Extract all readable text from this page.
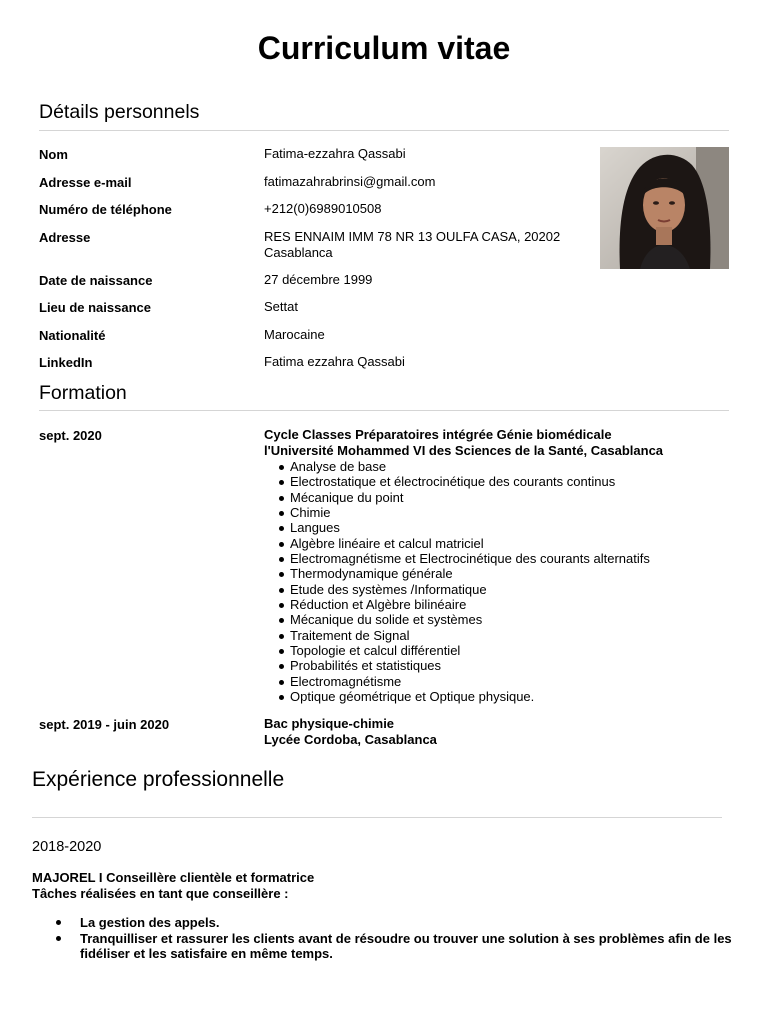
Curriculum vitae
Détails personnels
Nom	Fatima-ezzahra Qassabi
Adresse e-mail	fatimazahrabrinsi@gmail.com
Numéro de téléphone	+212(0)6989010508
Adresse	RES ENNAIM IMM 78 NR 13 OULFA CASA, 20202
Casablanca
Date de naissance	27 décembre 1999
Lieu de naissance	Settat
Nationalité	Marocaine
LinkedIn	Fatima ezzahra Qassabi
Formation
sept. 2020	Cycle Classes Préparatoires intégrée Génie biomédicale
l'Université Mohammed VI des Sciences de la Santé, Casablanca
Analyse de base
Electrostatique et électrocinétique des courants continus
Mécanique du point
Chimie
Langues
Algèbre linéaire et calcul matriciel
Electromagnétisme et Electrocinétique des courants alternatifs
Thermodynamique générale
Etude des systèmes /Informatique
Réduction et Algèbre bilinéaire
Mécanique du solide et systèmes
Traitement de Signal
Topologie et calcul différentiel
Probabilités et statistiques
Electromagnétisme
Optique géométrique et Optique physique.
sept. 2019 - juin 2020	Bac physique-chimie
Lycée Cordoba, Casablanca
Expérience professionnelle
2018-2020
MAJOREL I Conseillère clientèle et formatrice
Tâches réalisées en tant que conseillère :
La gestion des appels.
Tranquilliser et rassurer les clients avant de résoudre ou trouver une solution à ses problèmes afin de les fidéliser et les satisfaire en même temps.
